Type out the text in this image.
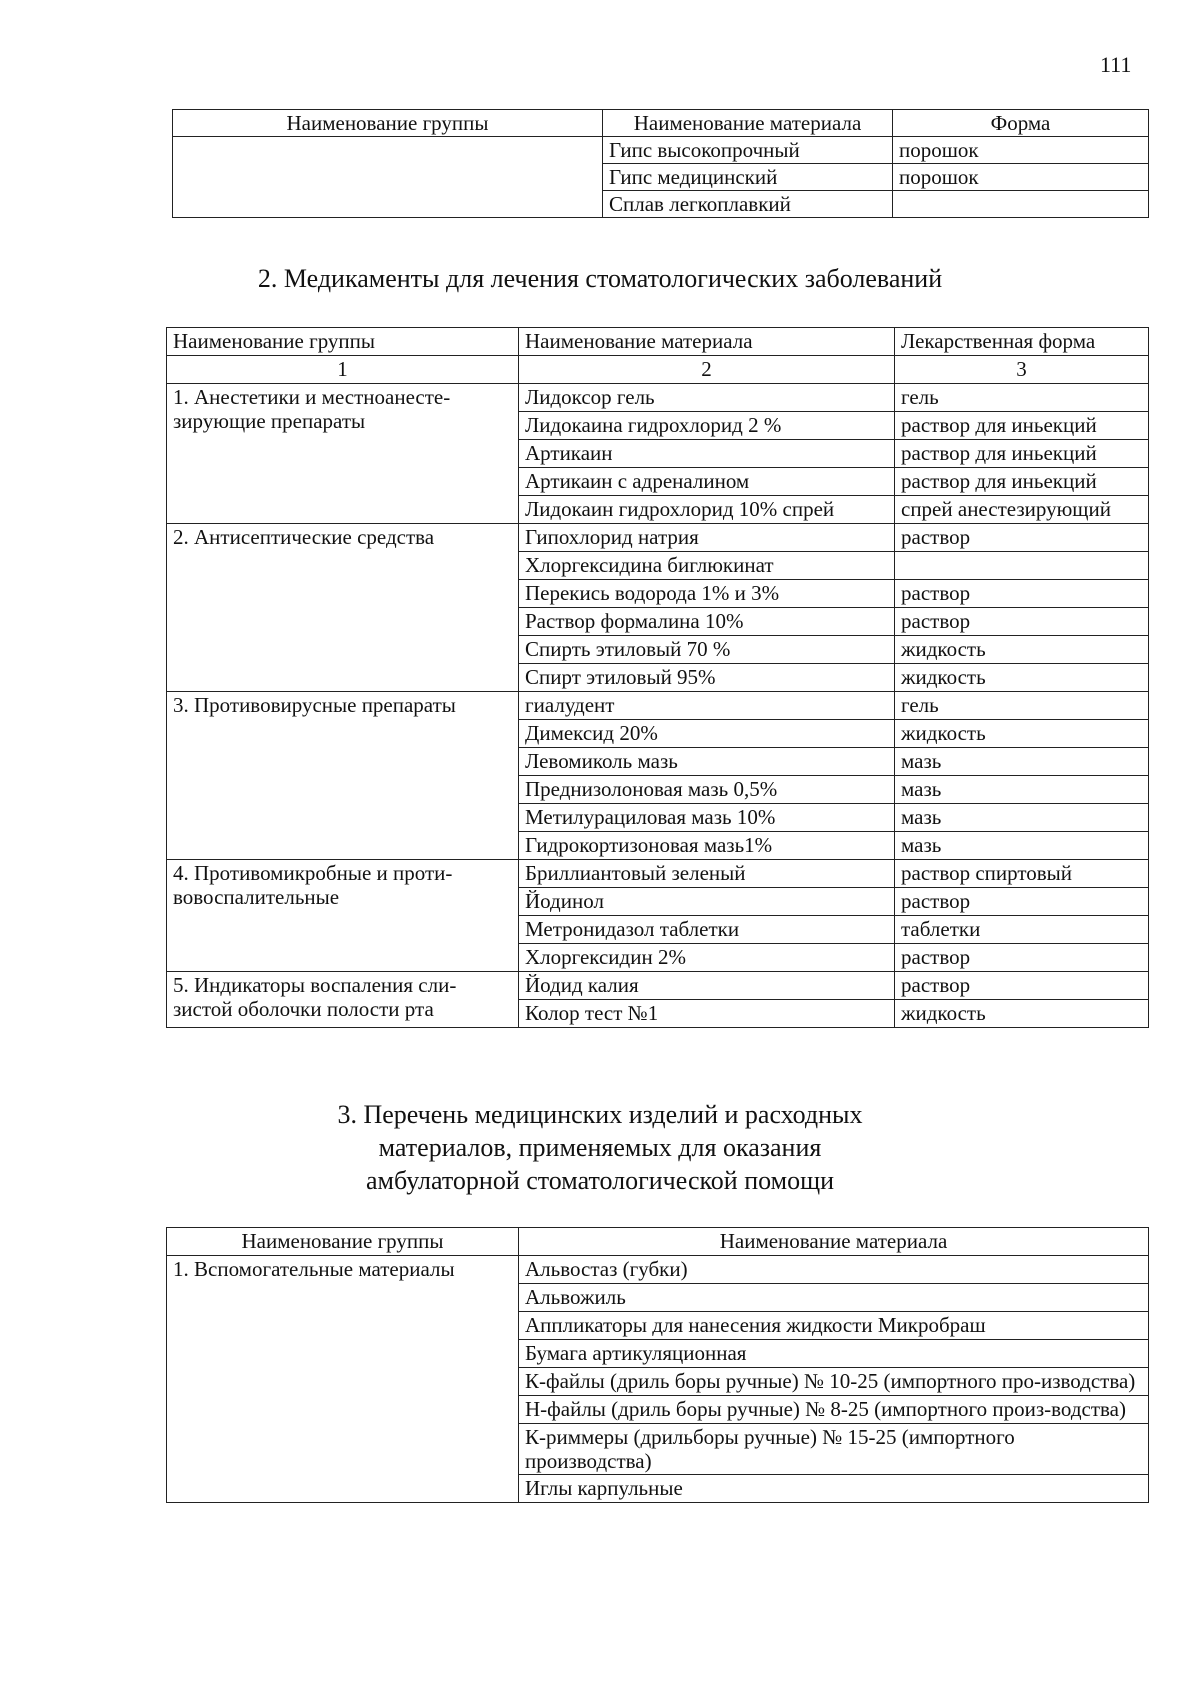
111
Наименование группы	Наименование материала	Форма
	Гипс высокопрочный	порошок
	Гипс медицинский	порошок
	Сплав легкоплавкий	
2. Медикаменты для лечения стоматологических заболеваний
Наименование группы	Наименование материала	Лекарственная форма
1	2	3
1. Анестетики и местноанесте-зирующие препараты	Лидоксор гель	гель
	Лидокаина гидрохлорид 2 %	раствор для иньекций
	Артикаин	раствор для иньекций
	Артикаин с адреналином	раствор для иньекций
	Лидокаин гидрохлорид 10% спрей	спрей анестезирующий
2. Антисептические средства	Гипохлорид натрия	раствор
	Хлоргексидина биглюкинат	
	Перекись водорода 1% и 3%	раствор
	Раствор формалина 10%	раствор
	Спирть этиловый 70 %	жидкость
	Спирт этиловый 95%	жидкость
3. Противовирусные препараты	гиалудент	гель
	Димексид 20%	жидкость
	Левомиколь мазь	мазь
	Преднизолоновая мазь 0,5%	мазь
	Метилурациловая мазь 10%	мазь
	Гидрокортизоновая мазь1%	мазь
4. Противомикробные и проти-вовоспалительные	Бриллиантовый зеленый	раствор спиртовый
	Йодинол	раствор
	Метронидазол таблетки	таблетки
	Хлоргексидин 2%	раствор
5. Индикаторы воспаления сли-зистой оболочки полости рта	Йодид калия	раствор
	Колор тест №1	жидкость
3. Перечень медицинских изделий и расходных
материалов, применяемых для оказания
амбулаторной стоматологической помощи
Наименование группы	Наименование материала
1. Вспомогательные материалы	Альвостаз (губки)
	Альвожиль
	Аппликаторы для нанесения жидкости Микробраш
	Бумага артикуляционная
	К-файлы (дриль боры ручные) № 10-25 (импортного про-изводства)
	Н-файлы (дриль боры ручные) № 8-25 (импортного произ-водства)
	К-риммеры (дрильборы ручные) № 15-25 (импортного производства)
	Иглы карпульные
